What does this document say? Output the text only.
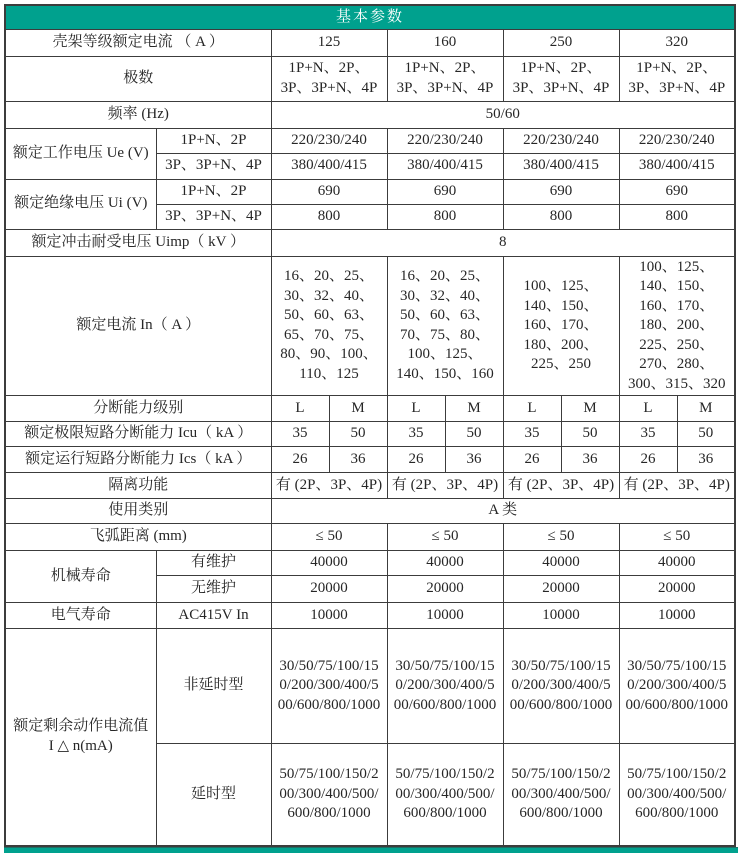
基本参数									
壳架等级额定电流 （ A ）		125		160		250		320	
极数		1P+N、2P、3P、3P+N、4P		1P+N、2P、3P、3P+N、4P		1P+N、2P、3P、3P+N、4P		1P+N、2P、3P、3P+N、4P	
频率 (Hz)		50/60							
额定工作电压 Ue (V)	1P+N、2P	220/230/240		220/230/240		220/230/240		220/230/240	
	3P、3P+N、4P	380/400/415		380/400/415		380/400/415		380/400/415	
额定绝缘电压 Ui (V)	1P+N、2P	690		690		690		690	
	3P、3P+N、4P	800		800		800		800	
额定冲击耐受电压 Uimp（ kV ）		8							
额定电流 In（ A ）		16、20、25、30、32、40、50、60、63、65、70、75、80、90、100、110、125		16、20、25、30、32、40、50、60、63、70、75、80、100、125、140、150、160		100、125、140、150、160、170、180、200、225、250		100、125、140、150、160、170、180、200、225、250、270、280、300、315、320	
分断能力级别		L	M	L	M	L	M	L	M
额定极限短路分断能力 Icu（ kA ）		35	50	35	50	35	50	35	50
额定运行短路分断能力 Ics（ kA ）		26	36	26	36	26	36	26	36
隔离功能		有 (2P、3P、4P)		有 (2P、3P、4P)		有 (2P、3P、4P)		有 (2P、3P、4P)	
使用类别		A 类							
飞弧距离 (mm)		≤ 50		≤ 50		≤ 50		≤ 50	
机械寿命	有维护	40000		40000		40000		40000	
	无维护	20000		20000		20000		20000	
电气寿命	AC415V In	10000		10000		10000		10000	
额定剩余动作电流值 I △ n(mA)	非延时型	30/50/75/100/150/200/300/400/500/600/800/1000		30/50/75/100/150/200/300/400/500/600/800/1000		30/50/75/100/150/200/300/400/500/600/800/1000		30/50/75/100/150/200/300/400/500/600/800/1000	
	延时型	50/75/100/150/200/300/400/500/600/800/1000		50/75/100/150/200/300/400/500/600/800/1000		50/75/100/150/200/300/400/500/600/800/1000		50/75/100/150/200/300/400/500/600/800/1000	
